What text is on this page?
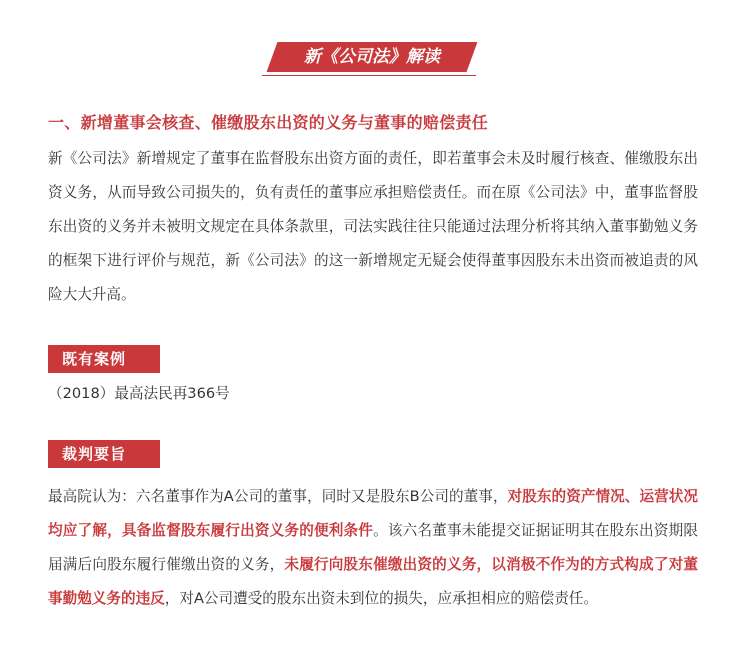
新《公司法》解读
一、新增董事会核查、催缴股东出资的义务与董事的赔偿责任

新《公司法》新增规定了董事在监督股东出资方面的责任，即若董事会未及时履行核查、催缴股东出资义务，从而导致公司损失的，负有责任的董事应承担赔偿责任。而在原《公司法》中，董事监督股东出资的义务并未被明文规定在具体条款里，司法实践往往只能通过法理分析将其纳入董事勤勉义务的框架下进行评价与规范，新《公司法》的这一新增规定无疑会使得董事因股东未出资而被追责的风险大大升高。

既有案例
（2018）最高法民再366号
裁判要旨

最高院认为：六名董事作为A公司的董事，同时又是股东B公司的董事，对股东的资产情况、运营状况均应了解，具备监督股东履行出资义务的便利条件。该六名董事未能提交证据证明其在股东出资期限届满后向股东履行催缴出资的义务，未履行向股东催缴出资的义务，以消极不作为的方式构成了对董事勤勉义务的违反，对A公司遭受的股东出资未到位的损失，应承担相应的赔偿责任。
